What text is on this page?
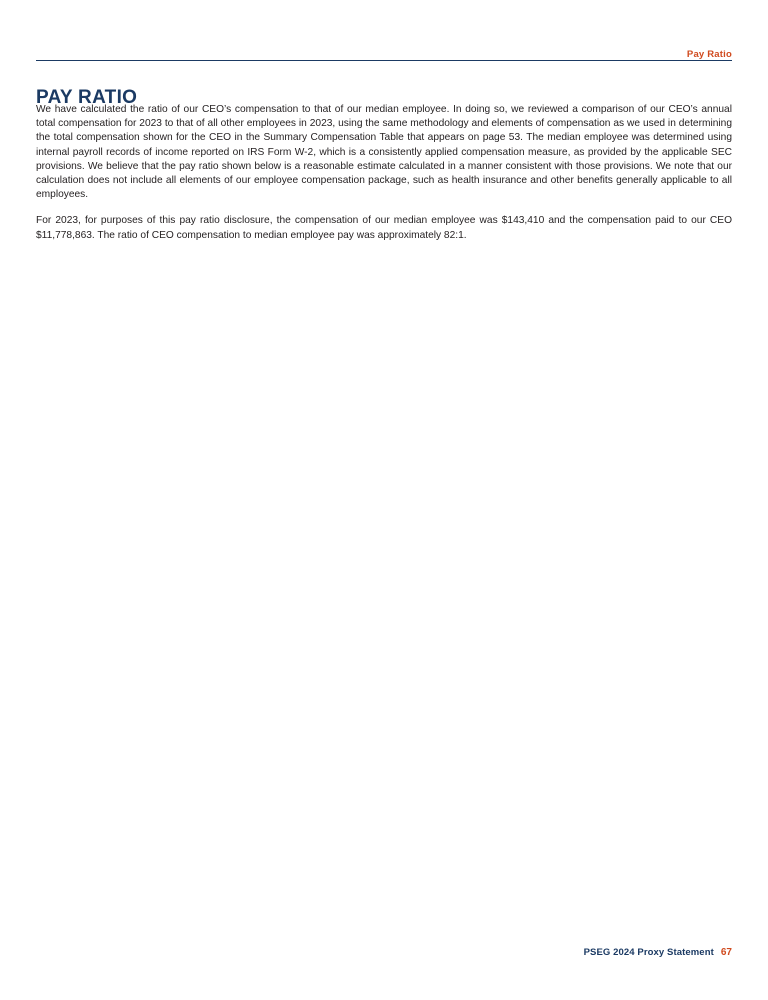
Pay Ratio
PAY RATIO

We have calculated the ratio of our CEO’s compensation to that of our median employee. In doing so, we reviewed a comparison of our CEO’s annual total compensation for 2023 to that of all other employees in 2023, using the same methodology and elements of compensation as we used in determining the total compensation shown for the CEO in the Summary Compensation Table that appears on page 53. The median employee was determined using internal payroll records of income reported on IRS Form W-2, which is a consistently applied compensation measure, as provided by the applicable SEC provisions. We believe that the pay ratio shown below is a reasonable estimate calculated in a manner consistent with those provisions. We note that our calculation does not include all elements of our employee compensation package, such as health insurance and other benefits generally applicable to all employees.

For 2023, for purposes of this pay ratio disclosure, the compensation of our median employee was $143,410 and the compensation paid to our CEO $11,778,863. The ratio of CEO compensation to median employee pay was approximately 82:1.

PSEG 2024 Proxy Statement 67
